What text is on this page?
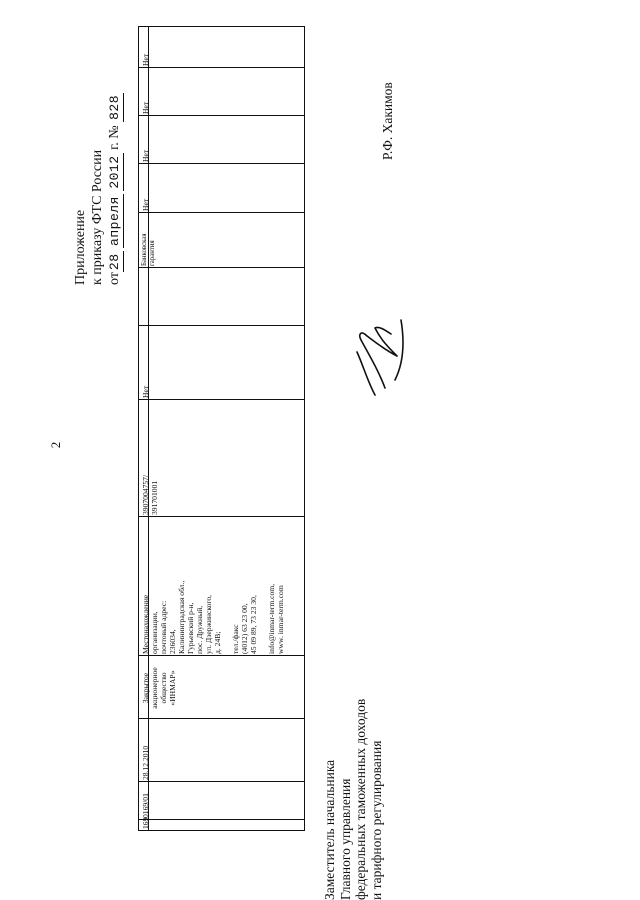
2
Приложение к приказу ФТС России от28 апреля 2012 г. № 828
169
0169/01
28.12.2010
Закрытое
акционерное
общество
«ИНМАР»
Местонахождение
организации,
почтовый адрес:
236034,
Калининградская обл.,
Гурьевский р-н,
пос. Дружный,
ул. Дзержинского,
д. 24В;

тел./факс
(4012) 63 23 00,
45 09 89, 73 23 30,

info@inmar-term.com,
www. inmar-term.com
3907004757/
391701001
Нет
Банковская
гарантия
Нет
Нет
Нет
Нет
Заместитель начальника Главного управления федеральных таможенных доходов и тарифного регулирования
Р.Ф. Хакимов
